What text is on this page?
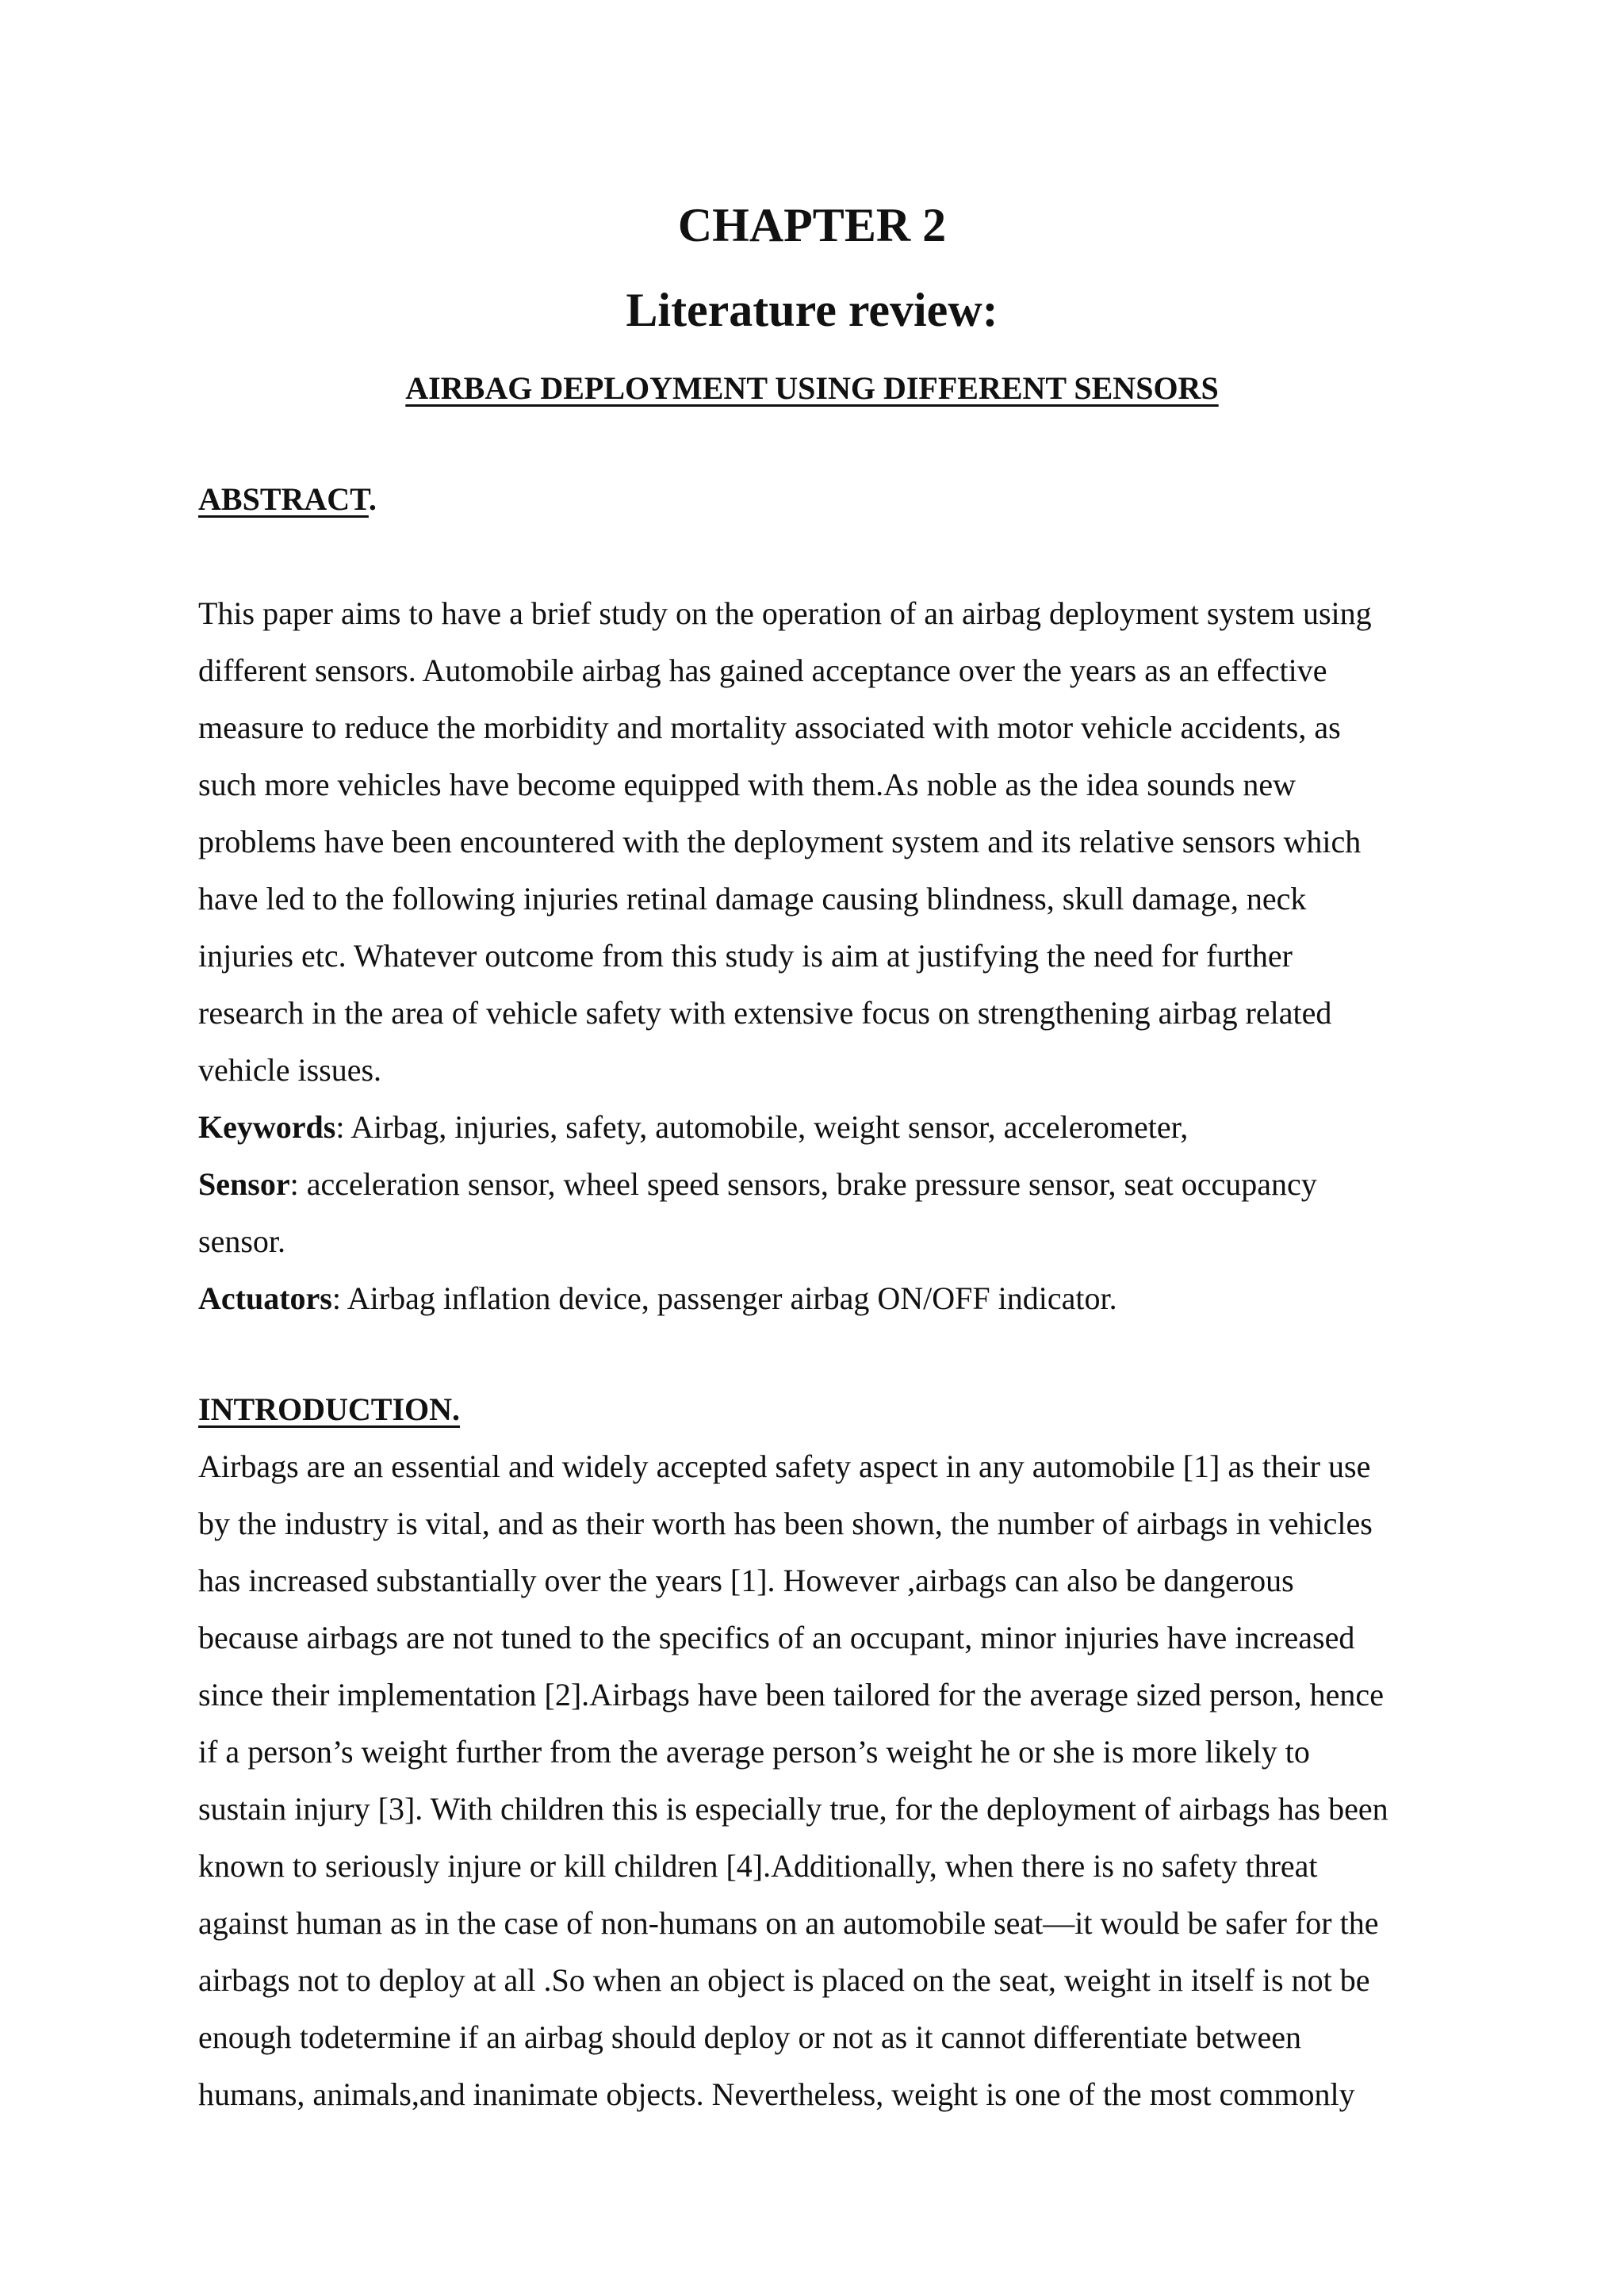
CHAPTER 2
Literature review:
AIRBAG DEPLOYMENT USING DIFFERENT SENSORS
ABSTRACT.
This paper aims to have a brief study on the operation of an airbag deployment system using
different sensors. Automobile airbag has gained acceptance over the years as an effective
measure to reduce the morbidity and mortality associated with motor vehicle accidents, as
such more vehicles have become equipped with them.As noble as the idea sounds new
problems have been encountered with the deployment system and its relative sensors which
have led to the following injuries retinal damage causing blindness, skull damage, neck
injuries etc. Whatever outcome from this study is aim at justifying the need for further
research in the area of vehicle safety with extensive focus on strengthening airbag related
vehicle issues.
Keywords: Airbag, injuries, safety, automobile, weight sensor, accelerometer,
Sensor: acceleration sensor, wheel speed sensors, brake pressure sensor, seat occupancy
sensor.
Actuators: Airbag inflation device, passenger airbag ON/OFF indicator.
INTRODUCTION.
Airbags are an essential and widely accepted safety aspect in any automobile [1] as their use
by the industry is vital, and as their worth has been shown, the number of airbags in vehicles
has increased substantially over the years [1]. However ,airbags can also be dangerous
because airbags are not tuned to the specifics of an occupant, minor injuries have increased
since their implementation [2].Airbags have been tailored for the average sized person, hence
if a person’s weight further from the average person’s weight he or she is more likely to
sustain injury [3]. With children this is especially true, for the deployment of airbags has been
known to seriously injure or kill children [4].Additionally, when there is no safety threat
against human as in the case of non-humans on an automobile seat—it would be safer for the
airbags not to deploy at all .So when an object is placed on the seat, weight in itself is not be
enough todetermine if an airbag should deploy or not as it cannot differentiate between
humans, animals,and inanimate objects. Nevertheless, weight is one of the most commonly
